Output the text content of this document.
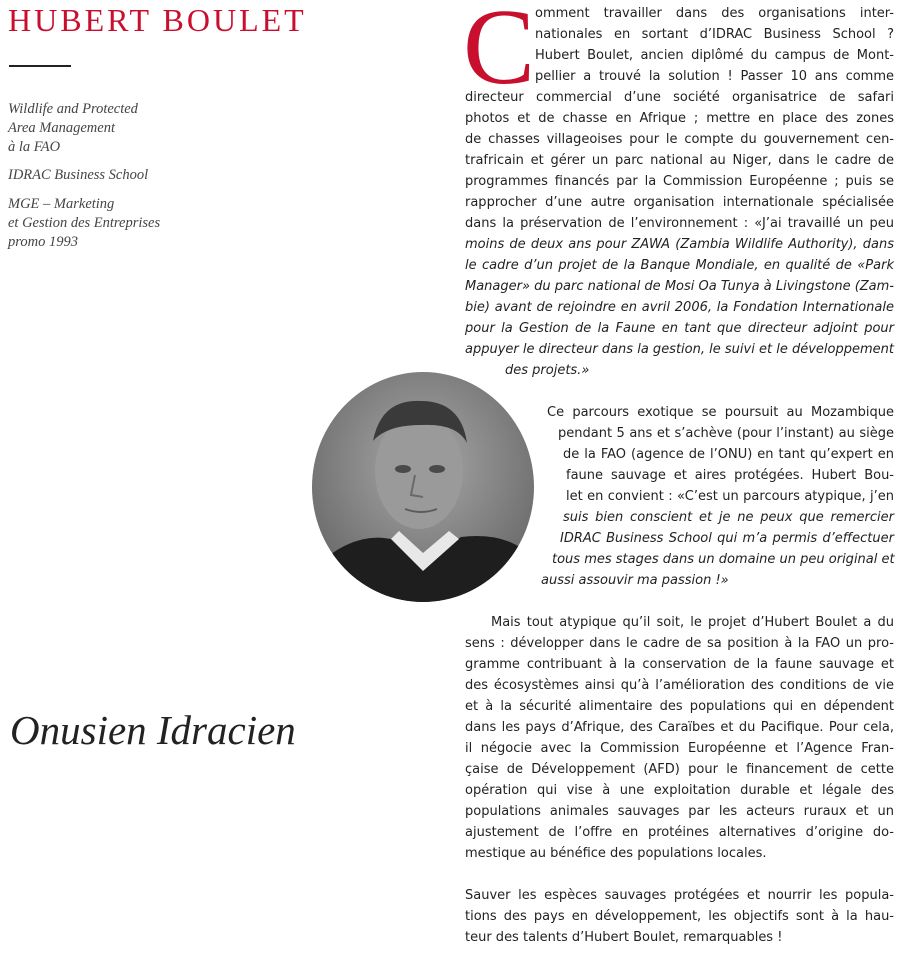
HUBERT BOULET
Wildlife and Protected
Area Management
à la FAO
IDRAC Business School
MGE – Marketing
et Gestion des Entreprises
promo 1993
Onusien Idracien
C omment travailler dans des organisations inter-
nationales en sortant d’IDRAC Business School ?
Hubert Boulet, ancien diplômé du campus de Mont-
pellier a trouvé la solution ! Passer 10 ans comme
directeur commercial d’une société organisatrice de safari
photos et de chasse en Afrique ; mettre en place des zones
de chasses villageoises pour le compte du gouvernement cen-
trafricain et gérer un parc national au Niger, dans le cadre de
programmes financés par la Commission Européenne ; puis se
rapprocher d’une autre organisation internationale spécialisée
dans la préservation de l’environnement : «J’ai travaillé un peu
moins de deux ans pour ZAWA (Zambia Wildlife Authority), dans
le cadre d’un projet de la Banque Mondiale, en qualité de «Park
Manager» du parc national de Mosi Oa Tunya à Livingstone (Zam-
bie) avant de rejoindre en avril 2006, la Fondation Internationale
pour la Gestion de la Faune en tant que directeur adjoint pour
appuyer le directeur dans la gestion, le suivi et le développement
des projets.»
Ce parcours exotique se poursuit au Mozambique
pendant 5 ans et s’achève (pour l’instant) au siège
de la FAO (agence de l’ONU) en tant qu’expert en
faune sauvage et aires protégées. Hubert Bou-
let en convient : «C’est un parcours atypique, j’en
suis bien conscient et je ne peux que remercier
IDRAC Business School qui m’a permis d’effectuer
tous mes stages dans un domaine un peu original et
aussi assouvir ma passion !»
Mais tout atypique qu’il soit, le projet d’Hubert Boulet a du
sens : développer dans le cadre de sa position à la FAO un pro-
gramme contribuant à la conservation de la faune sauvage et
des écosystèmes ainsi qu’à l’amélioration des conditions de vie
et à la sécurité alimentaire des populations qui en dépendent
dans les pays d’Afrique, des Caraïbes et du Pacifique. Pour cela,
il négocie avec la Commission Européenne et l’Agence Fran-
çaise de Développement (AFD) pour le financement de cette
opération qui vise à une exploitation durable et légale des
populations animales sauvages par les acteurs ruraux et un
ajustement de l’offre en protéines alternatives d’origine do-
mestique au bénéfice des populations locales.
Sauver les espèces sauvages protégées et nourrir les popula-
tions des pays en développement, les objectifs sont à la hau-
teur des talents d’Hubert Boulet, remarquables !
